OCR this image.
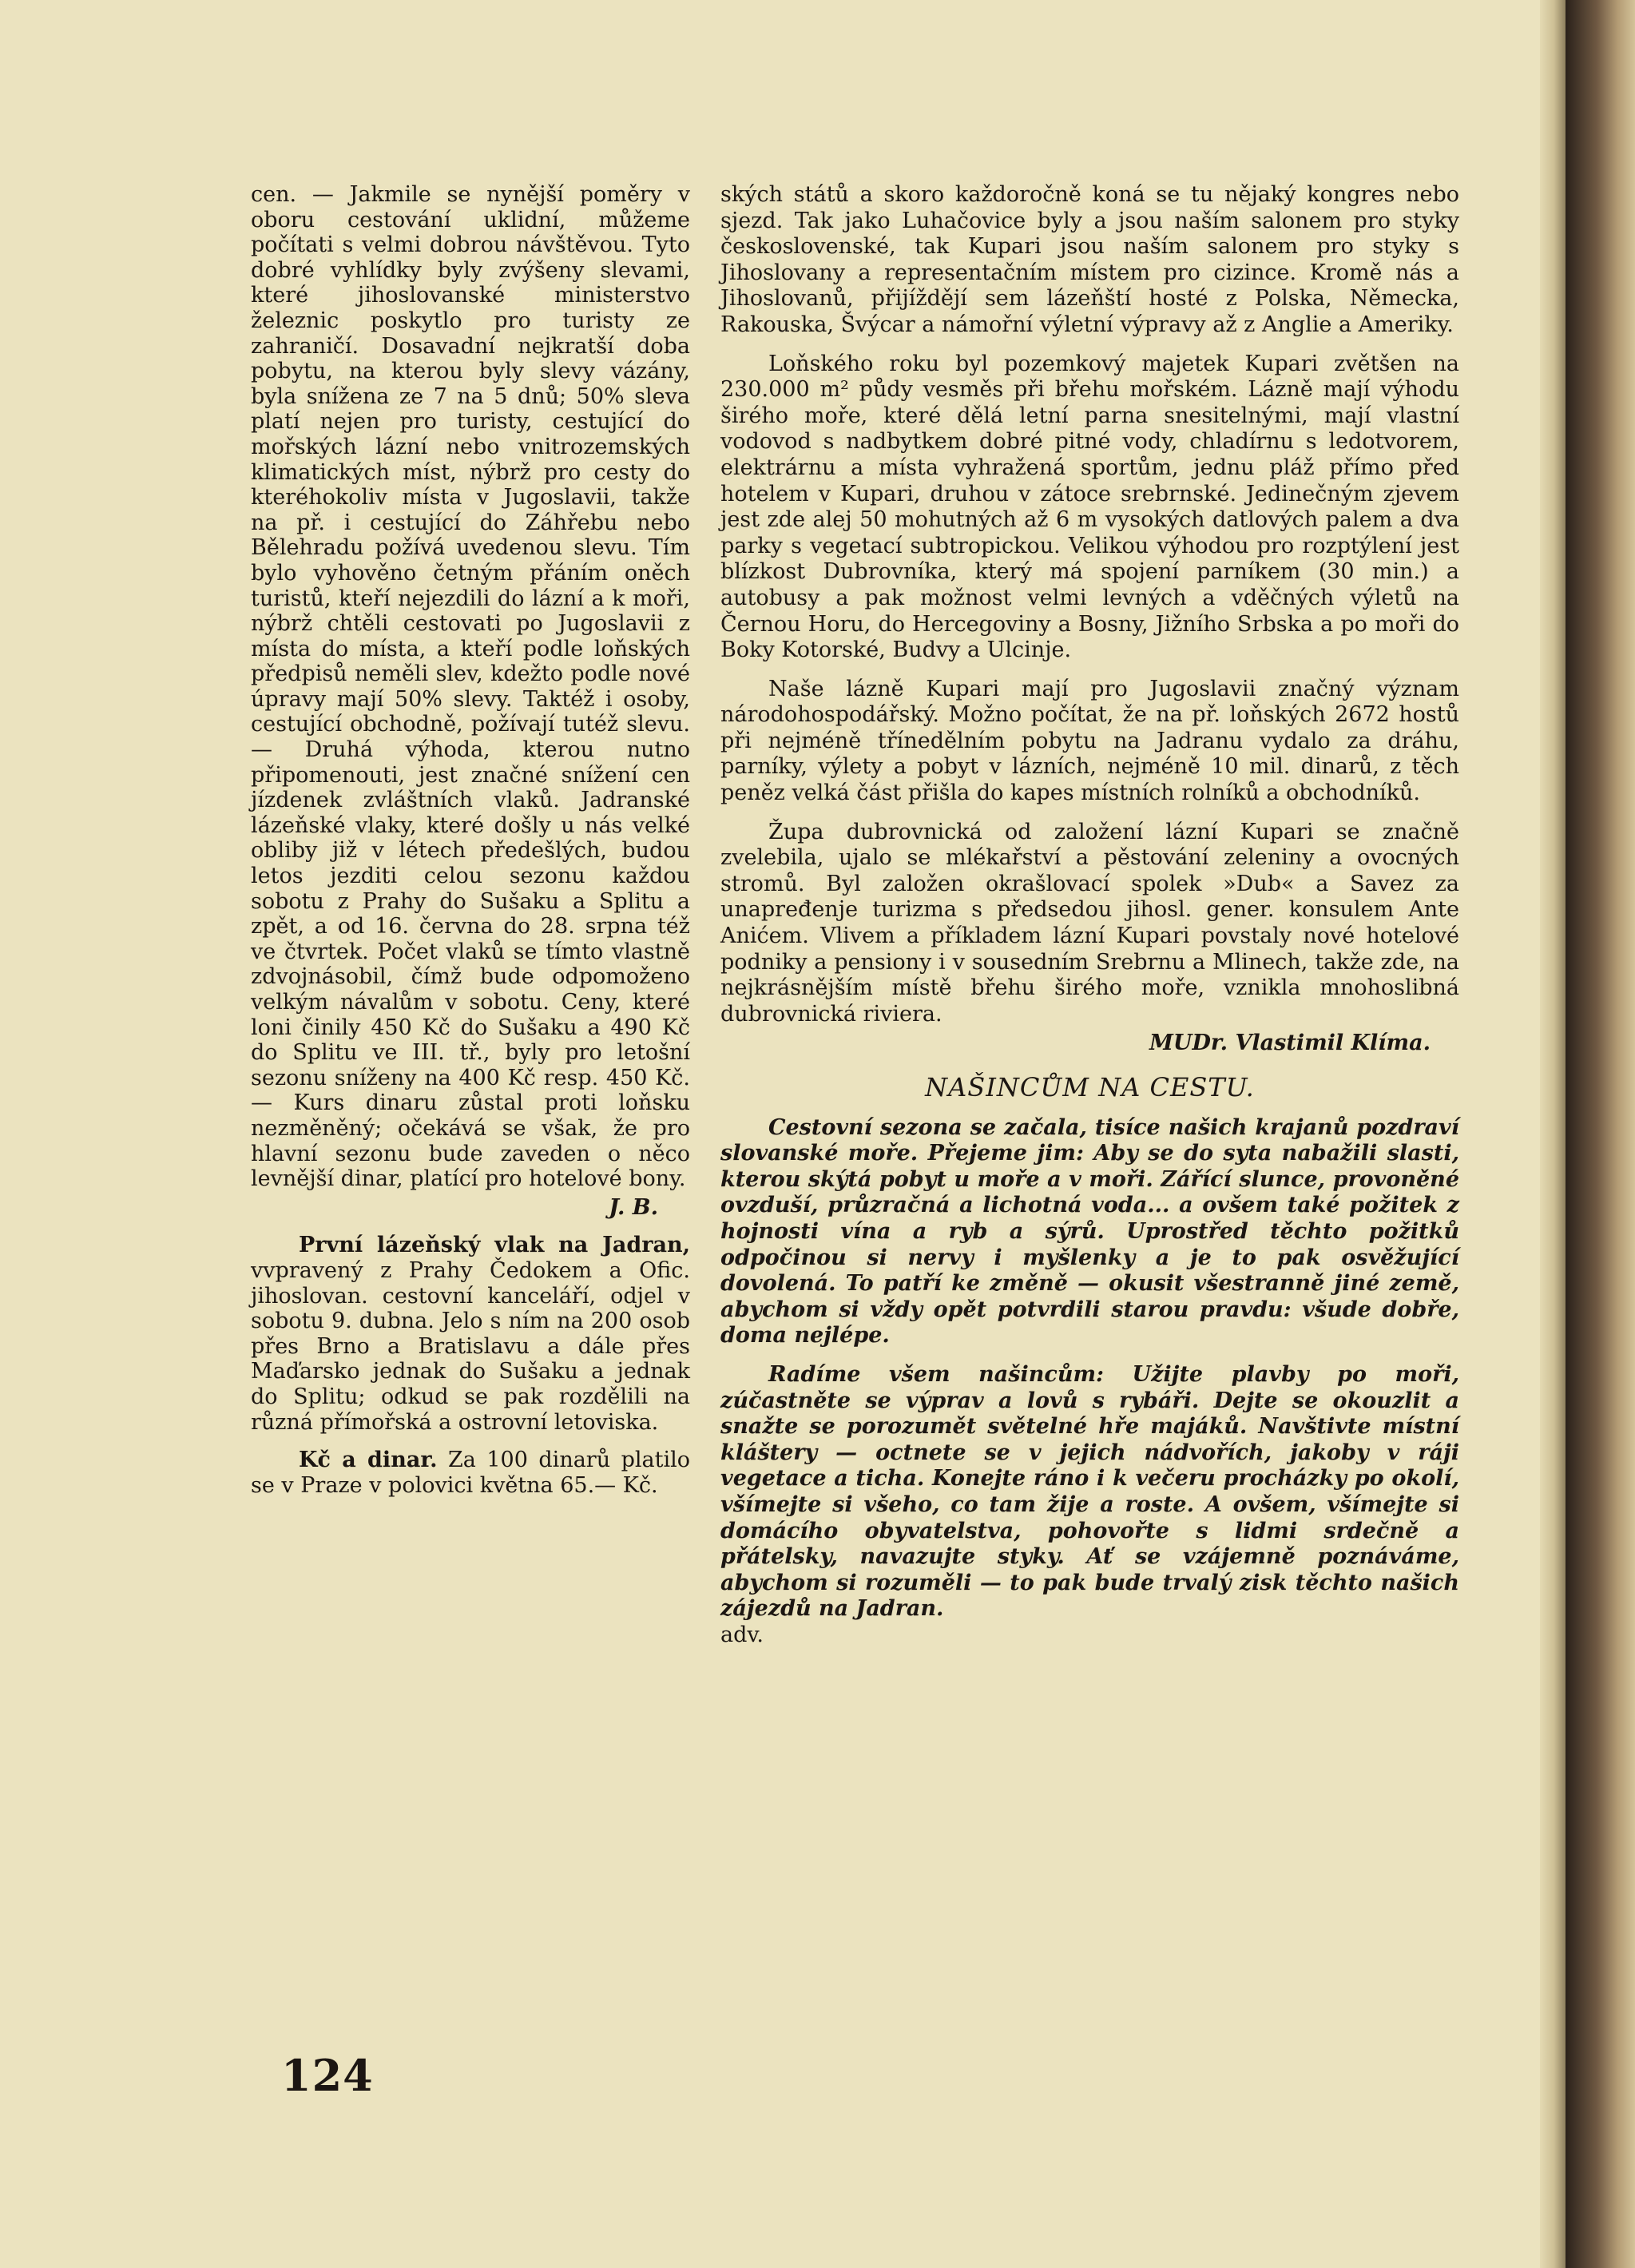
cen. — Jakmile se nynější poměry v oboru cestování uklidní, můžeme počítati s velmi dobrou návštěvou. Tyto dobré vyhlídky byly zvýšeny slevami, které jihoslovanské ministerstvo železnic poskytlo pro turisty ze zahraničí. Dosavadní nejkratší doba pobytu, na kterou byly slevy vázány, byla snížena ze 7 na 5 dnů; 50% sleva platí nejen pro turisty, cestující do mořských lázní nebo vnitrozemských klimatických míst, nýbrž pro cesty do kteréhokoliv místa v Jugoslavii, takže na př. i cestující do Záhřebu nebo Bělehradu požívá uvedenou slevu. Tím bylo vyhověno četným přáním oněch turistů, kteří nejezdili do lázní a k moři, nýbrž chtěli cestovati po Jugoslavii z místa do místa, a kteří podle loňských předpisů neměli slev, kdežto podle nové úpravy mají 50% slevy. Taktéž i osoby, cestující obchodně, požívají tutéž slevu. — Druhá výhoda, kterou nutno připomenouti, jest značné snížení cen jízdenek zvláštních vlaků. Jadranské lázeňské vlaky, které došly u nás velké obliby již v létech předešlých, budou letos jezditi celou sezonu každou sobotu z Prahy do Sušaku a Splitu a zpět, a od 16. června do 28. srpna též ve čtvrtek. Počet vlaků se tímto vlastně zdvojnásobil, čímž bude odpomoženo velkým návalům v sobotu. Ceny, které loni činily 450 Kč do Sušaku a 490 Kč do Splitu ve III. tř., byly pro letošní sezonu sníženy na 400 Kč resp. 450 Kč. — Kurs dinaru zůstal proti loňsku nezměněný; očekává se však, že pro hlavní sezonu bude zaveden o něco levnější dinar, platící pro hotelové bony.

J. B.

První lázeňský vlak na Jadran, vvpravený z Prahy Čedokem a Ofic. jihoslovan. cestovní kanceláří, odjel v sobotu 9. dubna. Jelo s ním na 200 osob přes Brno a Bratislavu a dále přes Maďarsko jednak do Sušaku a jednak do Splitu; odkud se pak rozdělili na různá přímořská a ostrovní letoviska.

Kč a dinar. Za 100 dinarů platilo se v Praze v polovici května 65.— Kč.

ských států a skoro každoročně koná se tu nějaký kongres nebo sjezd. Tak jako Luhačovice byly a jsou naším salonem pro styky československé, tak Kupari jsou naším salonem pro styky s Jihoslovany a representačním místem pro cizince. Kromě nás a Jihoslovanů, přijíždějí sem lázeňští hosté z Polska, Německa, Rakouska, Švýcar a námořní výletní výpravy až z Anglie a Ameriky.

Loňského roku byl pozemkový majetek Kupari zvětšen na 230.000 m² půdy vesměs při břehu mořském. Lázně mají výhodu širého moře, které dělá letní parna snesitelnými, mají vlastní vodovod s nadbytkem dobré pitné vody, chladírnu s ledotvorem, elektrárnu a místa vyhražená sportům, jednu pláž přímo před hotelem v Kupari, druhou v zátoce srebrnské. Jedinečným zjevem jest zde alej 50 mohutných až 6 m vysokých datlových palem a dva parky s vegetací subtropickou. Velikou výhodou pro rozptýlení jest blízkost Dubrovníka, který má spojení parníkem (30 min.) a autobusy a pak možnost velmi levných a vděčných výletů na Černou Horu, do Hercegoviny a Bosny, Jižního Srbska a po moři do Boky Kotorské, Budvy a Ulcinje.

Naše lázně Kupari mají pro Jugoslavii značný význam národohospodářský. Možno počítat, že na př. loňských 2672 hostů při nejméně třínedělním pobytu na Jadranu vydalo za dráhu, parníky, výlety a pobyt v lázních, nejméně 10 mil. dinarů, z těch peněz velká část přišla do kapes místních rolníků a obchodníků.

Župa dubrovnická od založení lázní Kupari se značně zvelebila, ujalo se mlékařství a pěstování zeleniny a ovocných stromů. Byl založen okrašlovací spolek »Dub« a Savez za unapređenje turizma s předsedou jihosl. gener. konsulem Ante Anićem. Vlivem a příkladem lázní Kupari povstaly nové hotelové podniky a pensiony i v sousedním Srebrnu a Mlinech, takže zde, na nejkrásnějším místě břehu širého moře, vznikla mnohoslibná dubrovnická riviera.

MUDr. Vlastimil Klíma.
NAŠINCŮM NA CESTU.

Cestovní sezona se začala, tisíce našich krajanů pozdraví slovanské moře. Přejeme jim: Aby se do syta nabažili slasti, kterou skýtá pobyt u moře a v moři. Zářící slunce, provoněné ovzduší, průzračná a lichotná voda... a ovšem také požitek z hojnosti vína a ryb a sýrů. Uprostřed těchto požitků odpočinou si nervy i myšlenky a je to pak osvěžující dovolená. To patří ke změně — okusit všestranně jiné země, abychom si vždy opět potvrdili starou pravdu: všude dobře, doma nejlépe.

Radíme všem našincům: Užijte plavby po moři, zúčastněte se výprav a lovů s rybáři. Dejte se okouzlit a snažte se porozumět světelné hře majáků. Navštivte místní kláštery — octnete se v jejich nádvořích, jakoby v ráji vegetace a ticha. Konejte ráno i k večeru procházky po okolí, všímejte si všeho, co tam žije a roste. A ovšem, všímejte si domácího obyvatelstva, pohovořte s lidmi srdečně a přátelsky, navazujte styky. Ať se vzájemně poznáváme, abychom si rozuměli — to pak bude trvalý zisk těchto našich zájezdů na Jadran.

adv.

124
